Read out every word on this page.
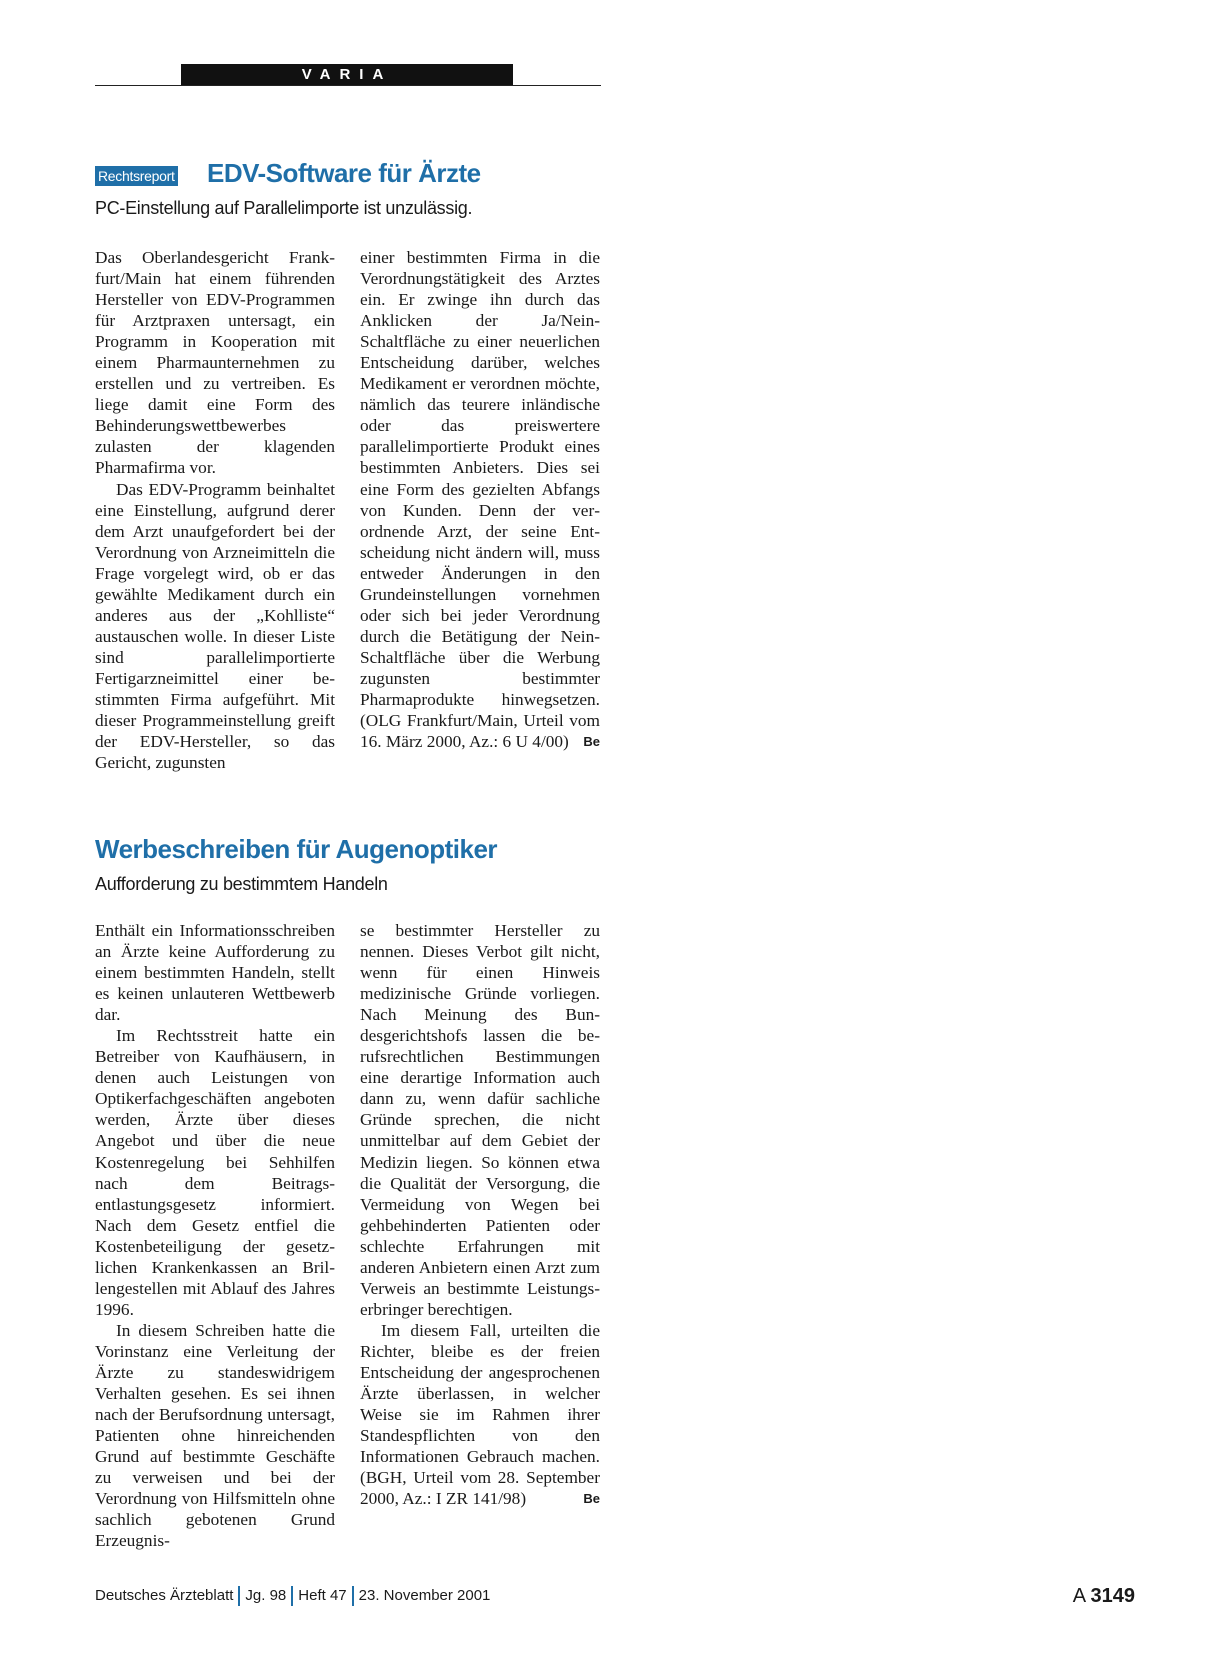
VARIA
Rechtsreport EDV-Software für Ärzte

PC-Einstellung auf Parallelimporte ist unzulässig.

Das Oberlandesgericht Frankfurt/Main hat einem führenden Hersteller von EDV-Programmen für Arztpraxen untersagt, ein Programm in Kooperation mit einem Pharmaunternehmen zu erstellen und zu vertreiben. Es liege damit eine Form des Behinderungswettbewerbes zulasten der klagenden Pharmafirma vor.

Das EDV-Programm beinhaltet eine Einstellung, aufgrund derer dem Arzt unaufgefordert bei der Verordnung von Arzneimitteln die Frage vorgelegt wird, ob er das gewählte Medikament durch ein anderes aus der „Kohlliste“ austauschen wolle. In dieser Liste sind parallelimportierte Fertigarzneimittel einer bestimmten Firma aufgeführt. Mit dieser Programmeinstellung greift der EDV-Hersteller, so das Gericht, zugunsten

einer bestimmten Firma in die Verordnungstätigkeit des Arztes ein. Er zwinge ihn durch das Anklicken der Ja/Nein-Schaltfläche zu einer neuerlichen Entscheidung darüber, welches Medikament er verordnen möchte, nämlich das teurere inländische oder das preiswertere parallelimportierte Produkt eines bestimmten Anbieters. Dies sei eine Form des gezielten Abfangs von Kunden. Denn der verordnende Arzt, der seine Entscheidung nicht ändern will, muss entweder Änderungen in den Grundeinstellungen vornehmen oder sich bei jeder Verordnung durch die Betätigung der Nein-Schaltfläche über die Werbung zugunsten bestimmter Pharmaprodukte hinwegsetzen. (OLG Frankfurt/Main, Urteil vom 16. März 2000, Az.: 6 U 4/00) Be

Werbeschreiben für Augenoptiker

Aufforderung zu bestimmtem Handeln

Enthält ein Informationsschreiben an Ärzte keine Aufforderung zu einem bestimmten Handeln, stellt es keinen unlauteren Wettbewerb dar.

Im Rechtsstreit hatte ein Betreiber von Kaufhäusern, in denen auch Leistungen von Optikerfachgeschäften angeboten werden, Ärzte über dieses Angebot und über die neue Kostenregelung bei Sehhilfen nach dem Beitragsentlastungsgesetz informiert. Nach dem Gesetz entfiel die Kostenbeteiligung der gesetzlichen Krankenkassen an Brillengestellen mit Ablauf des Jahres 1996.

In diesem Schreiben hatte die Vorinstanz eine Verleitung der Ärzte zu standeswidrigem Verhalten gesehen. Es sei ihnen nach der Berufsordnung untersagt, Patienten ohne hinreichenden Grund auf bestimmte Geschäfte zu verweisen und bei der Verordnung von Hilfsmitteln ohne sachlich gebotenen Grund Erzeugnis-

se bestimmter Hersteller zu nennen. Dieses Verbot gilt nicht, wenn für einen Hinweis medizinische Gründe vorliegen. Nach Meinung des Bundesgerichtshofs lassen die berufsrechtlichen Bestimmungen eine derartige Information auch dann zu, wenn dafür sachliche Gründe sprechen, die nicht unmittelbar auf dem Gebiet der Medizin liegen. So können etwa die Qualität der Versorgung, die Vermeidung von Wegen bei gehbehinderten Patienten oder schlechte Erfahrungen mit anderen Anbietern einen Arzt zum Verweis an bestimmte Leistungserbringer berechtigen.

Im diesem Fall, urteilten die Richter, bleibe es der freien Entscheidung der angesprochenen Ärzte überlassen, in welcher Weise sie im Rahmen ihrer Standespflichten von den Informationen Gebrauch machen. (BGH, Urteil vom 28. September 2000, Az.: I ZR 141/98)	Be

Deutsches Ärzteblatt Jg. 98 Heft 47 23. November 2001	A 3149
